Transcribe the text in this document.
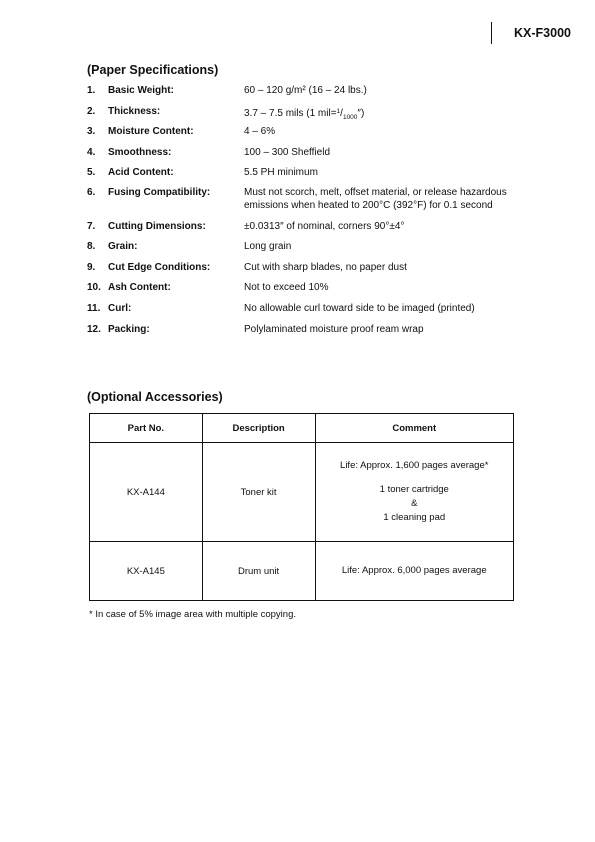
KX-F3000
(Paper Specifications)
1. Basic Weight:	60 – 120 g/m² (16 – 24 lbs.)
2. Thickness:	3.7 – 7.5 mils (1 $mil=^1/_{1000}''$)
3. Moisture Content:	4 – 6%
4. Smoothness:	100 – 300 Sheffield
5. Acid Content:	5.5 PH minimum
6. Fusing Compatibility:	Must not scorch, melt, offset material, or release hazardous
emissions when heated to 200°C (392°F) for 0.1 second
7. Cutting Dimensions:	±0.0313″ of nominal, corners 90°±4°
8. Grain:	Long grain
9. Cut Edge Conditions:	Cut with sharp blades, no paper dust
10. Ash Content:	Not to exceed 10%
11. Curl:	No allowable curl toward side to be imaged (printed)
12. Packing:	Polylaminated moisture proof ream wrap
(Optional Accessories)
Part No.	Description	Comment
KX-A144	Toner kit	Life: Approx. 1,600 pages average*
1 toner cartridge
&
1 cleaning pad

KX-A145	Drum unit	Life: Approx. 6,000 pages average

* In case of 5% image area with multiple copying.
